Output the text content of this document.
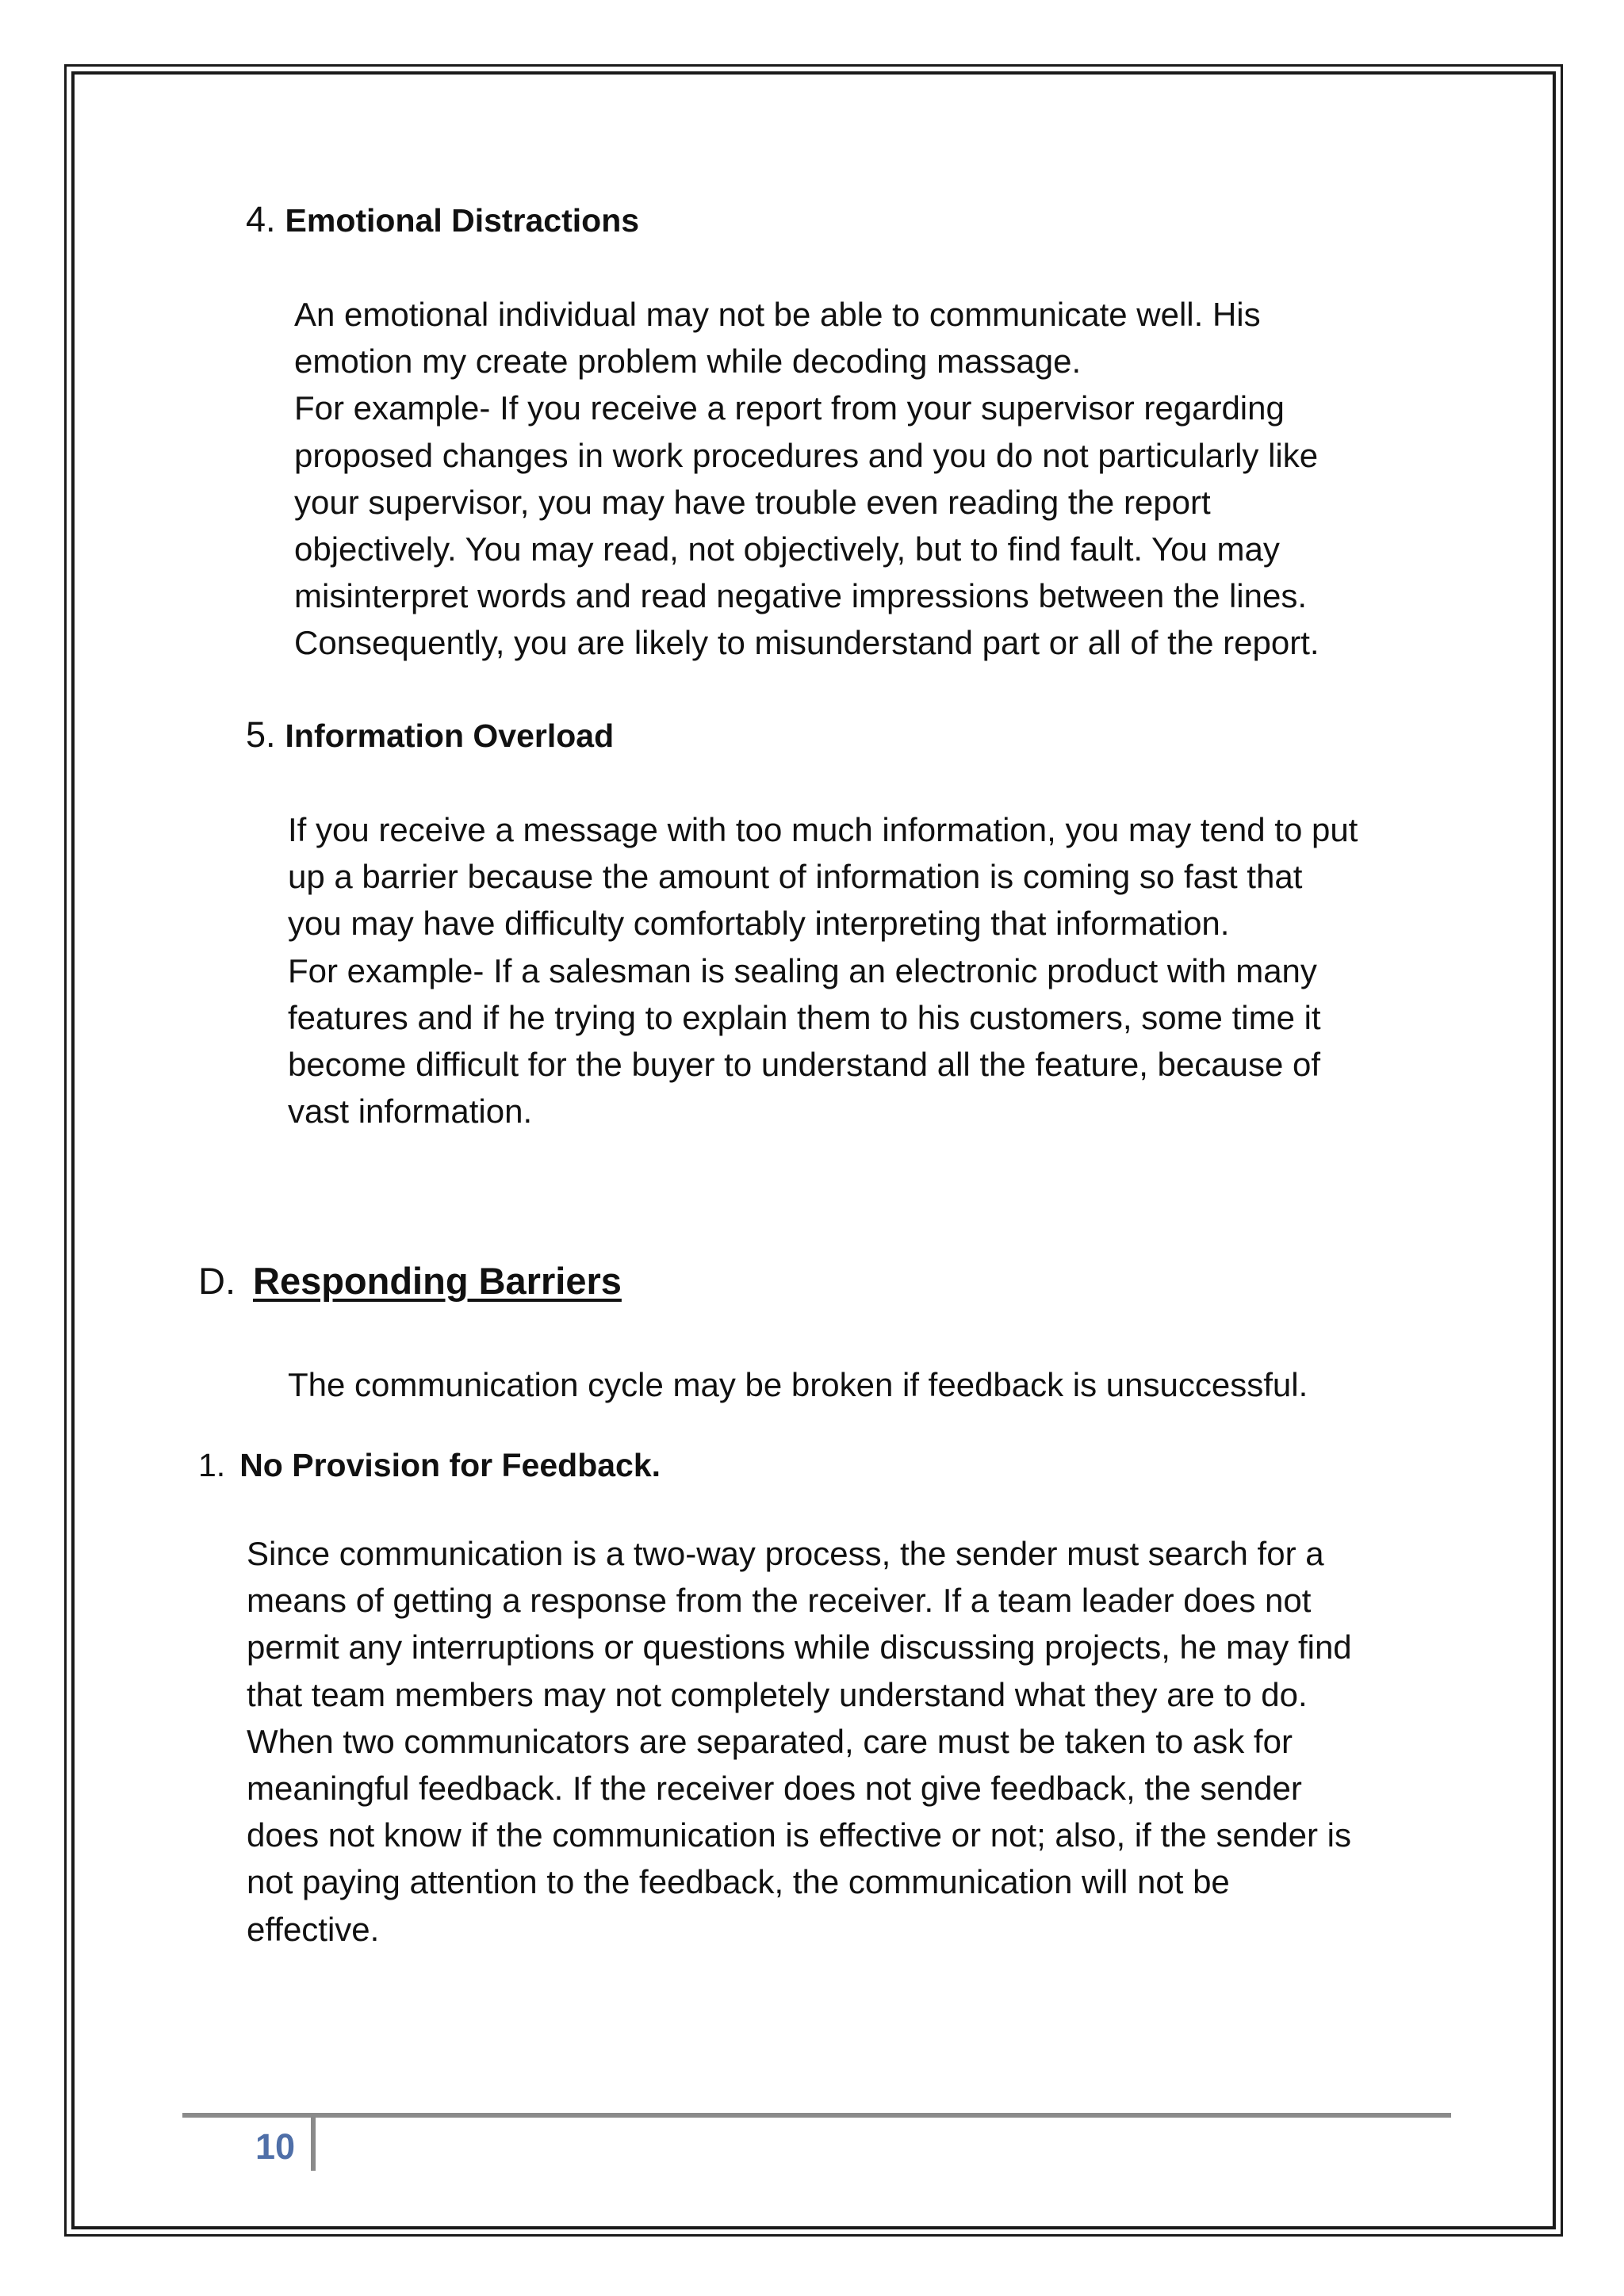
4. Emotional Distractions

An emotional individual may not be able to communicate well. His
emotion my create problem while decoding massage.
For example- If you receive a report from your supervisor regarding
proposed changes in work procedures and you do not particularly like
your supervisor, you may have trouble even reading the report
objectively. You may read, not objectively, but to find fault. You may
misinterpret words and read negative impressions between the lines.
Consequently, you are likely to misunderstand part or all of the report.

5. Information Overload

If you receive a message with too much information, you may tend to put
up a barrier because the amount of information is coming so fast that
you may have difficulty comfortably interpreting that information.
For example- If a salesman is sealing an electronic product with many
features and if he trying to explain them to his customers, some time it
become difficult for the buyer to understand all the feature, because of
vast information.

D. Responding Barriers

The communication cycle may be broken if feedback is unsuccessful.

1. No Provision for Feedback.

Since communication is a two-way process, the sender must search for a
means of getting a response from the receiver. If a team leader does not
permit any interruptions or questions while discussing projects, he may find
that team members may not completely understand what they are to do.
When two communicators are separated, care must be taken to ask for
meaningful feedback. If the receiver does not give feedback, the sender
does not know if the communication is effective or not; also, if the sender is
not paying attention to the feedback, the communication will not be
effective.

10
